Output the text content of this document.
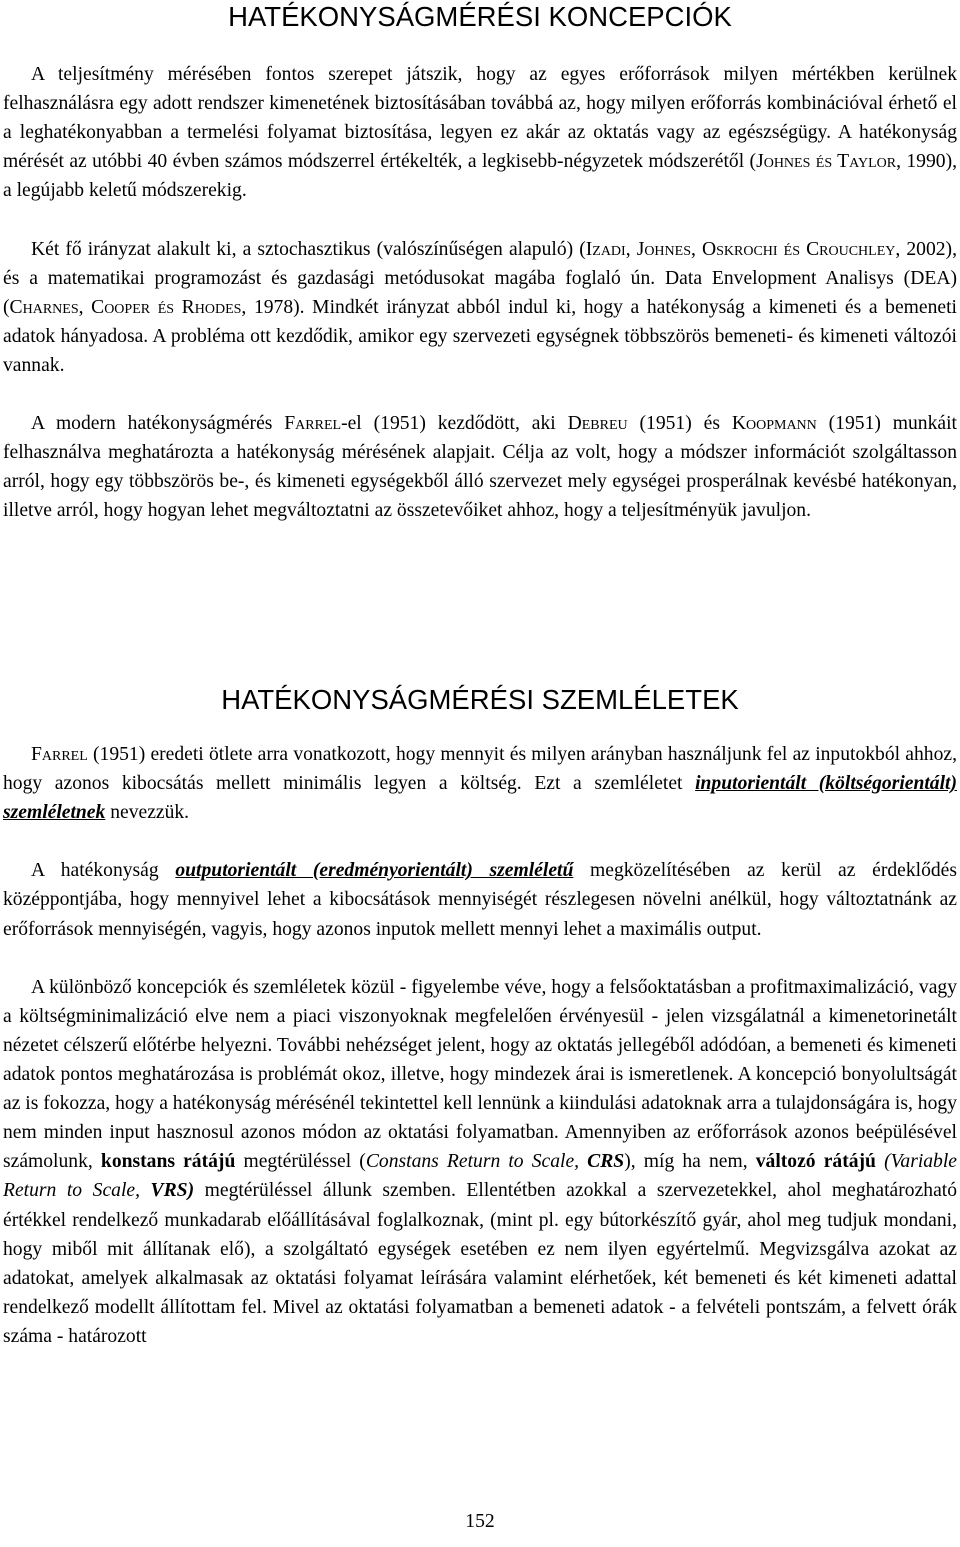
HATÉKONYSÁGMÉRÉSI KONCEPCIÓK

A teljesítmény mérésében fontos szerepet játszik, hogy az egyes erőforrások milyen mértékben kerülnek felhasználásra egy adott rendszer kimenetének biztosításában továbbá az, hogy milyen erőforrás kombinációval érhető el a leghatékonyabban a termelési folyamat biztosítása, legyen ez akár az oktatás vagy az egészségügy. A hatékonyság mérését az utóbbi 40 évben számos módszerrel értékelték, a legkisebb-négyzetek módszerétől (Johnes és Taylor, 1990), a legújabb keletű módszerekig.

Két fő irányzat alakult ki, a sztochasztikus (valószínűségen alapuló) (Izadi, Johnes, Oskrochi és Crouchley, 2002), és a matematikai programozást és gazdasági metódusokat magába foglaló ún. Data Envelopment Analisys (DEA) (Charnes, Cooper és Rhodes, 1978). Mindkét irányzat abból indul ki, hogy a hatékonyság a kimeneti és a bemeneti adatok hányadosa. A probléma ott kezdődik, amikor egy szervezeti egységnek többszörös bemeneti- és kimeneti változói vannak.

A modern hatékonyságmérés Farrel-el (1951) kezdődött, aki Debreu (1951) és Koopmann (1951) munkáit felhasználva meghatározta a hatékonyság mérésének alapjait. Célja az volt, hogy a módszer információt szolgáltasson arról, hogy egy többszörös be-, és kimeneti egységekből álló szervezet mely egységei prosperálnak kevésbé hatékonyan, illetve arról, hogy hogyan lehet megváltoztatni az összetevőiket ahhoz, hogy a teljesítményük javuljon.

HATÉKONYSÁGMÉRÉSI SZEMLÉLETEK

Farrel (1951) eredeti ötlete arra vonatkozott, hogy mennyit és milyen arányban használjunk fel az inputokból ahhoz, hogy azonos kibocsátás mellett minimális legyen a költség. Ezt a szemléletet inputorientált (költségorientált) szemléletnek nevezzük.

A hatékonyság outputorientált (eredményorientált) szemléletű megközelítésében az kerül az érdeklődés középpontjába, hogy mennyivel lehet a kibocsátások mennyiségét részlegesen növelni anélkül, hogy változtatnánk az erőforrások mennyiségén, vagyis, hogy azonos inputok mellett mennyi lehet a maximális output.

A különböző koncepciók és szemléletek közül - figyelembe véve, hogy a felsőoktatásban a profitmaximalizáció, vagy a költségminimalizáció elve nem a piaci viszonyoknak megfelelően érvényesül - jelen vizsgálatnál a kimenetorinetált nézetet célszerű előtérbe helyezni. További nehézséget jelent, hogy az oktatás jellegéből adódóan, a bemeneti és kimeneti adatok pontos meghatározása is problémát okoz, illetve, hogy mindezek árai is ismeretlenek. A koncepció bonyolultságát az is fokozza, hogy a hatékonyság mérésénél tekintettel kell lennünk a kiindulási adatoknak arra a tulajdonságára is, hogy nem minden input hasznosul azonos módon az oktatási folyamatban. Amennyiben az erőforrások azonos beépülésével számolunk, konstans rátájú megtérüléssel (Constans Return to Scale, CRS), míg ha nem, változó rátájú (Variable Return to Scale, VRS) megtérüléssel állunk szemben. Ellentétben azokkal a szervezetekkel, ahol meghatározható értékkel rendelkező munkadarab előállításával foglalkoznak, (mint pl. egy bútorkészítő gyár, ahol meg tudjuk mondani, hogy miből mit állítanak elő), a szolgáltató egységek esetében ez nem ilyen egyértelmű. Megvizsgálva azokat az adatokat, amelyek alkalmasak az oktatási folyamat leírására valamint elérhetőek, két bemeneti és két kimeneti adattal rendelkező modellt állítottam fel. Mivel az oktatási folyamatban a bemeneti adatok - a felvételi pontszám, a felvett órák száma - határozott

152
